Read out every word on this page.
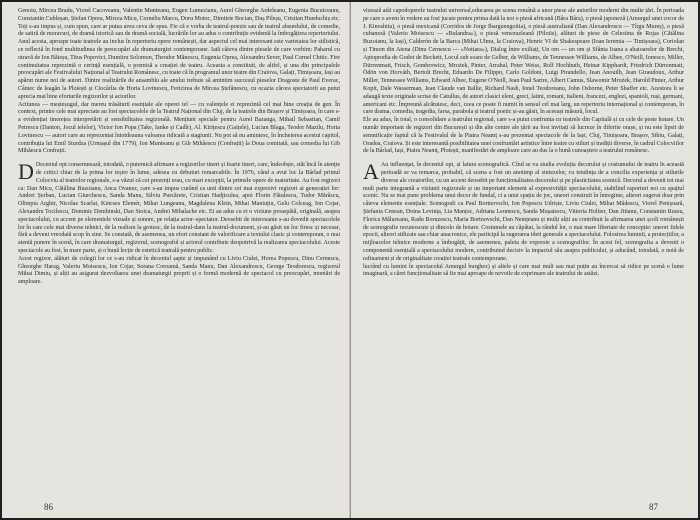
Genoiu, Mircea Bradu, Viorel Cacoveanu, Valentin Munteanu, Eugen Lumezianu, Aurel Gheorghe Ardeleanu, Eugenia Bucuiceanu, Constantin Cubleșan, Ștefan Oprea, Mircea Micu, Corneliu Marcu, Doru Motoc, Dimitrie Bocian, Duș Pileșu, Cristian Hueduchiș etc. Toți s-au impus și, cum spun, care ar putea avea ceva de spus. Fie că e vorba de teatrul-poezie sau de teatrul absurdului, de comedie, de satiră de moravuri, de dramă istorică sau de dramă socială, lucrările lor au adus o contribuție evidentă la îmbogățirea repertoriului. Anul acesta, aproape toate teatrele au inclus în repertoriu opere românești, dar aspectul cel mai interesant este varietatea lor stilistică, ce reflectă în fond multitudinea de preocupări ale dramaturgiei contemporane. Iată câteva dintre piesele de care vorbim: Paharul cu otravă de Ion Băieșu, Titus Popovici, Dumitru Solomon, Theodor Mănescu, Eugenia Oprea, Alexandru Sever, Paul Cornel Chitic. Fire continuitatea reprezintă o cerință esențială, o premisă a creației de teatru. Aceasta a constituit, de altfel, și una din principalele preocupări ale Festivalului Național al Teatrului Românesc, cu toate că în programul unor teatre din Craiova, Galați, Timișoara, Iași au apărut nume noi de autori. Dintre realizările de ansamblu ale anului trebuie să amintim succesul pieselor Dragoste de Paul Everac, Cântec de leagăn la Ploiești și Ciocârlia de Horia Lovinescu, Fericirea de Mircea Ștefănescu, cu ocazia cărora spectatorii au putut aprecia mai bine eforturile regizorilor și actorilor.

Actiunea — meșteșugul, dar mereu trăsăturii esențiale ale operei tel — cu valențele ei reprezintă cel mai bine creația de gen. În context, printre cele mai apreciate au fost spectacolele de la Teatrul Național din Cluj, de la teatrele din Brașov și Timișoara, în care s-a evidențiat tinerețea interpretării și sensibilitatea regizorală. Mențiuni speciale pentru Aurel Baranga, Mihail Sebastian, Camil Petrescu (Danton, Jocul ielelor), Victor Ion Popa (Take, Ianke și Cadîr), Al. Kirițescu (Gaițele), Lucian Blaga, Teodor Mazilu, Horia Lovinescu — autori care au reprezentat întotdeauna valoarea ridicată a stagiunii. Nu pot să nu amintesc, în încheierea acestui capitol, contribuția lui Emil Sturdza (Urmașul din 1779), Ion Munteanu și Gib Mihăescu (Confrații) la Doua comitată, sau comedia lui Gib Mihăescu Confrații.

D Deceniul opt consemnează, totodată, o puternică afirmare a regizorilor tineri și foarte tineri, care, îndeobște, stăt încă în atenție de critici chiar de la prima lor ieșire în lume, adesea cu debuturi remarcabile. În 1976, când a avut loc la Bârlad primul Colocviu al teatrelor regionale, s-a văzut că cei prezenți erau, cu mari excepții, la primele opere de maturitate. Au fost regizori ca: Dan Micu, Cătălina Buzoianu, Anca Ovanez, care s-au impus curând ca unii dintre cei mai expresivi regizori ai generației lor: Andrei Șerban, Lucian Giurchescu, Sanda Manu, Silviu Purcărete, Cristian Hadjiculea, apoi Florin Fătulescu, Tudor Mărăscu, Olimpia Arghir, Nicolae Scarlat, Kincses Elemér, Mihai Lungeanu, Magdalena Klein, Mihai Maniuțiu, Gelu Colceag, Ion Cojar, Alexandru Tocilescu, Dominic Dembinski, Dan Stoica, Andrei Mihalache etc. Ei au adus cu ei o viziune proaspătă, originală, asupra spectacolului, cu accent pe elementele vizuale și sonore, pe relația actor–spectator. Deosebit de interesante s-au dovedit spectacolele lor în care cele mai diverse tehnici, de la realism la grotesc, de la teatrul-dans la teatrul-document, și-au găsit un loc firesc și necesar, fără a deveni vreodată scop în sine. Se constată, de asemenea, un efort constant de valorificare a textului clasic și contemporan, o mai atentă punere în scenă, în care dramaturgul, regizorul, scenograful și actorul contribuie deopotrivă la realizarea spectacolului. Aceste spectacole au fost, în mare parte, și o bună lecție de estetică teatrală pentru public.

Acest regizor, alături de colegii lor ce s-au ridicat în deceniul șapte și impunând cu Liviu Ciulei, Horea Popescu, Dinu Cernescu, Gheorghe Harag, Valeriu Moisescu, Ion Cojar, Sorana Coroamă, Sanda Manu, Dan Alexandrescu, George Teodorescu, regizorul Mihai Dimiu, și alții au asigurat dezvoltarea unei dramaturgii proprii și o formă modernă de spectacol cu preocupări, montări de amploare.

86

vizează atât capodoperele teatrului universal,educarea pe scena română a unor piese ale autorilor moderni din multe țări. În perioada pe care o avem în vedere au fost jucate pentru prima dată la noi o piesă africană (Bâra Bâra), o piesă japoneză (Amurgul unei cocor de J. Kinoshita), o piesă mexicană (Corridos de Jorge Ibarguengoitia), o piesă australiană (Dan Alexandrescu — Tîrgu Mureș), o piesă cubaneză (Valerio Moisescu — «Bulandra»), o piesă venezueleană (Pilotis), alături de piese de Celestina de Rojas (Cătălina Buzoianu, la Iași), Calderón de la Barca (Mihai Ulmu, la Craiova), Henric VI de Shakespeare (Ioan Ieremia — Timișoara), Coriolan și Timon din Atena (Dinu Cernescu — «Nottara»), Dialog între exiliați, Un om — un om și Sfânta Ioana a abatoarelor de Brecht, Aptoprodia de Godot de Beckett, Locul sub soare de Gelber, de Williams, de Tennessee Williams, de Albee, O'Neill, Ionesco, Miller, Dürrenmatt, Frisch, Gombrowicz, Mrożek, Pinter, Arrabal, Peter Weiss, Rolf Hochhuth, Heinar Kipphardt, Friedrich Dürrenmatt, Ödön von Horváth, Bertolt Brecht, Eduardo De Filippo, Carlo Goldoni, Luigi Pirandello, Jean Anouilh, Jean Giraudoux, Arthur Miller, Tennessee Williams, Edward Albee, Eugene O'Neill, Jean Paul Sartre, Albert Camus, Slawomir Mrożek, Harold Pinter, Arthur Kopit, Dale Wasserman, Jean Claude van Itallie, Richard Nash, Ionel Teodoreanu, John Osborne, Peter Shaffer etc. Acestora li se adaugă texte originale scrise de Catullus, de autori clasici eleni, greci, latini, romani, italieni, francezi, englezi, spanioli, ruși, germani, americani etc. Împreună alcătuiesc, deci, ceea ce poate fi numit în sensul cel mai larg, un repertoriu internațional și contemporan, în care drama, comedia, tragedia, farsa, parabola și teatrul poetic și-au găsit, în aceeași măsură, locul.

Ele au adus, în total, o consolidare a teatrului regional, care s-a putut confrunta cu teatrele din Capitală și cu cele de peste hotare. Un număr important de regizori din București și din alte centre ale țării au fost invitați să lucreze în diferite orașe, și nu este lipsit de semnificație faptul că la Festivalul de la Piatra Neamț s-au prezentat spectacole de la Iași, Cluj, Timișoara, Brașov, Sibiu, Galați, Oradea, Craiova. Și este interesantă posibilitatea unei confruntări artistice între teatre cu stiluri și tradiții diverse, în cadrul Colocviilor de la Bârlad, Iași, Piatra Neamț, Ploiești, manifestări de amploare care au dus la o bună cunoaștere a teatrului românesc.

A Au influențat, în deceniul opt, și latura scenografică. Cînd se va studia evoluția decorului și costumului de teatru în această perioadă se va remarca, probabil, că scena a fost un anotimp al sintezelor, cu tendința de a concilia experiența și stilurile diverse ale creatorilor, cu un accent deosebit pe funcționalitatea decorului și pe plasticitatea scenică. Decorul a devenit tot mai mult parte integrantă a viziunii regizorale și un important element al expresivității spectacolului, stabilind raporturi noi cu spațiul scenic. Nu se mai pune problema unui decor de fundal, ci a unui spațiu de joc, uneori construit în întregime, alteori sugerat doar prin câteva elemente esențiale. Scenografi ca Paul Bortnovschi, Ion Popescu Udriște, Liviu Ciulei, Mihai Mădescu, Viorel Penișoară, Ștefania Cenean, Doina Levința, Lia Manțoc, Adriana Leonescu, Sanda Mușatescu, Vittoria Holtier, Dan Jitianu, Constantin Russu, Florica Mălureanu, Radu Boruzescu, Maria Bortnovschi, Dan Nemțeanu și mulți alții au contribuit la afirmarea unei școli românești de scenografie recunoscute și dincolo de hotare. Costumele au căpătat, la rândul lor, o mai mare libertate de concepție: uneori fidele epocii, alteori stilizate sau chiar anacronice, ele participă la sugerarea ideii generale a spectacolului. Folosirea luminii, a proiecțiilor, a mijloacelor tehnice moderne a îmbogățit, de asemenea, paleta de expresie a scenografilor. În acest fel, scenografia a devenit o componentă esențială a spectacolului modern, contribuind decisiv la impactul său asupra publicului, și aducând, totodată, o notă de rafinament și de originalitate creației teatrale contemporane.

lucrând cu lumini în spectacolul Amurgul burghez) și altele și care mai mult sau mai puțin au încercat să ridice pe scenă o lume imaginară, a cărei funcționalitate să fie mai aproape de nevoile de exprimare ale teatrului de astăzi.

87
